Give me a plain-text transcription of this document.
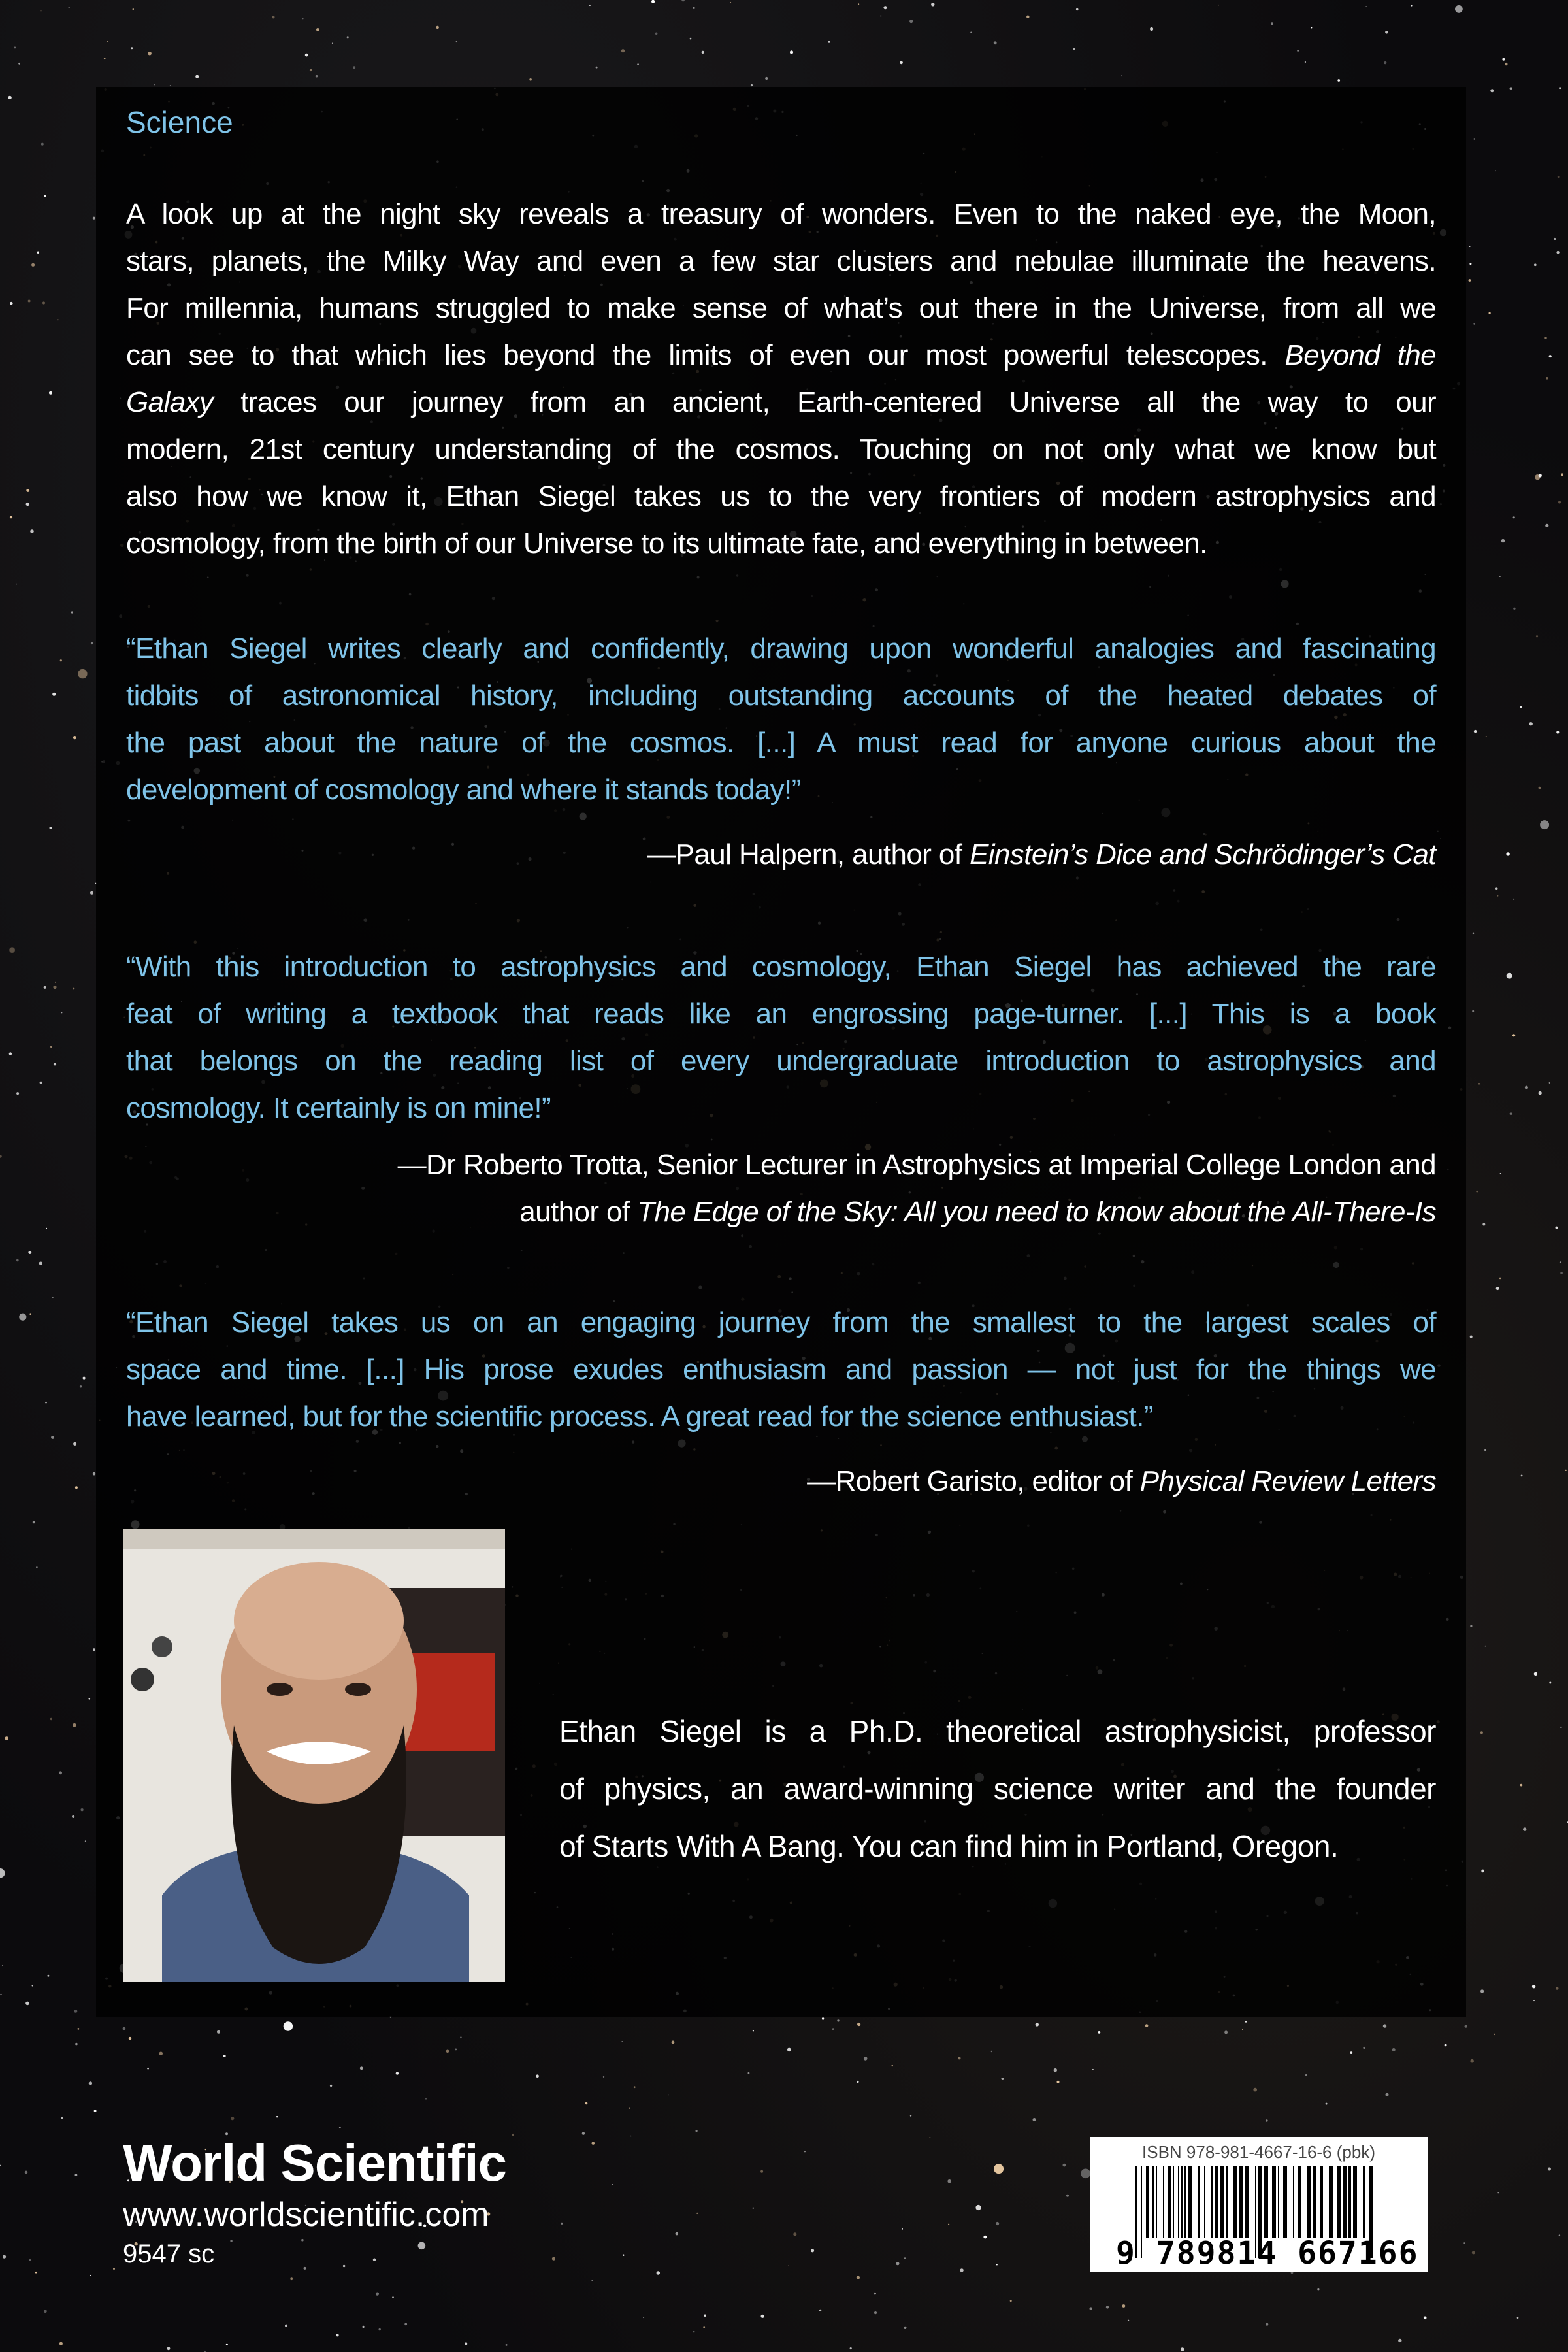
Science
A look up at the night sky reveals a treasury of wonders. Even to the naked eye, the Moon,
stars, planets, the Milky Way and even a few star clusters and nebulae illuminate the heavens.
For millennia, humans struggled to make sense of what’s out there in the Universe, from all we
can see to that which lies beyond the limits of even our most powerful telescopes. Beyond the
Galaxy traces our journey from an ancient, Earth-centered Universe all the way to our
modern, 21st century understanding of the cosmos. Touching on not only what we know but
also how we know it, Ethan Siegel takes us to the very frontiers of modern astrophysics and
cosmology, from the birth of our Universe to its ultimate fate, and everything in between.
“Ethan Siegel writes clearly and confidently, drawing upon wonderful analogies and fascinating
tidbits of astronomical history, including outstanding accounts of the heated debates of
the past about the nature of the cosmos. [...] A must read for anyone curious about the
development of cosmology and where it stands today!”
—Paul Halpern, author of Einstein’s Dice and Schrödinger’s Cat
“With this introduction to astrophysics and cosmology, Ethan Siegel has achieved the rare
feat of writing a textbook that reads like an engrossing page-turner. [...] This is a book
that belongs on the reading list of every undergraduate introduction to astrophysics and
cosmology. It certainly is on mine!”
—Dr Roberto Trotta, Senior Lecturer in Astrophysics at Imperial College London and
author of The Edge of the Sky: All you need to know about the All-There-Is
“Ethan Siegel takes us on an engaging journey from the smallest to the largest scales of
space and time. [...] His prose exudes enthusiasm and passion — not just for the things we
have learned, but for the scientific process. A great read for the science enthusiast.”
—Robert Garisto, editor of Physical Review Letters
Ethan Siegel is a Ph.D. theoretical astrophysicist, professor
of physics, an award-winning science writer and the founder
of Starts With A Bang. You can find him in Portland, Oregon.
World Scientific
www.worldscientific.com
9547 sc
ISBN 978-981-4667-16-6 (pbk)
9 789814 667166
